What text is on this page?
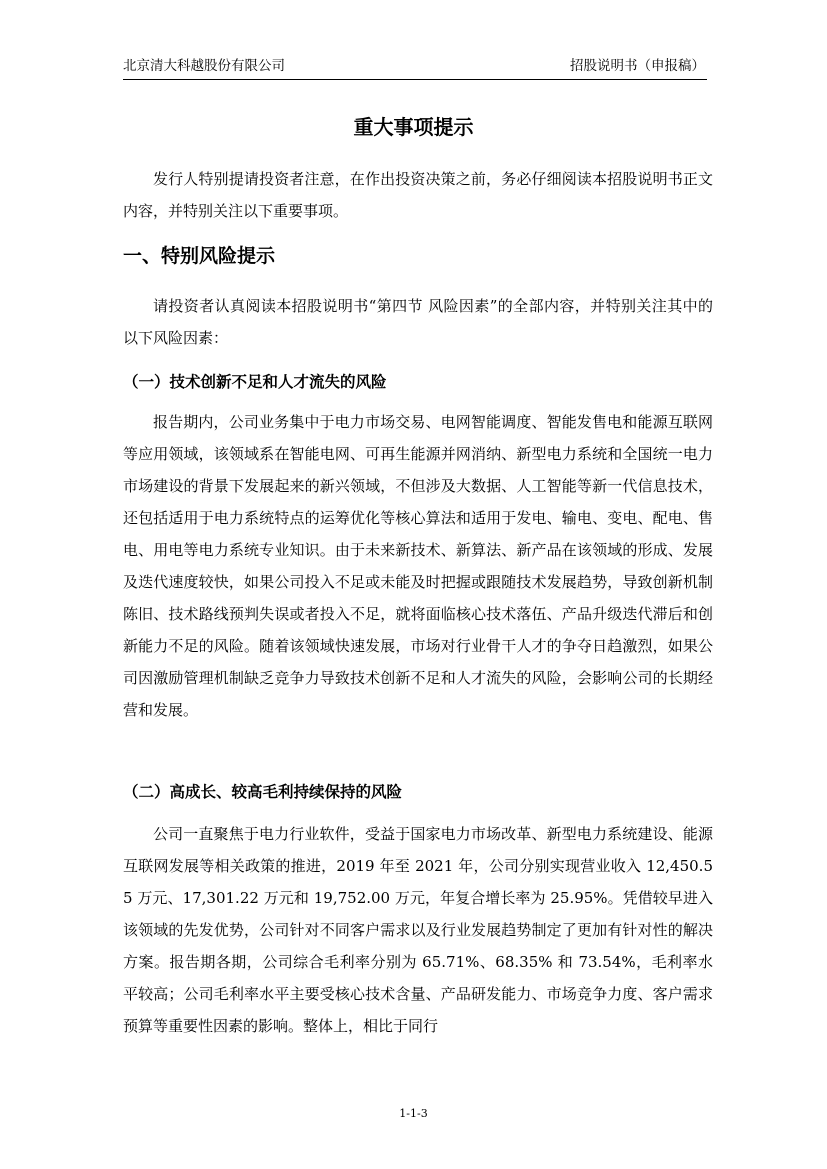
北京清大科越股份有限公司	招股说明书（申报稿）
重大事项提示

发行人特别提请投资者注意，在作出投资决策之前，务必仔细阅读本招股说明书正文内容，并特别关注以下重要事项。

一、特别风险提示

请投资者认真阅读本招股说明书“第四节 风险因素”的全部内容，并特别关注其中的以下风险因素：

（一）技术创新不足和人才流失的风险

报告期内，公司业务集中于电力市场交易、电网智能调度、智能发售电和能源互联网等应用领域，该领域系在智能电网、可再生能源并网消纳、新型电力系统和全国统一电力市场建设的背景下发展起来的新兴领域，不但涉及大数据、人工智能等新一代信息技术，还包括适用于电力系统特点的运筹优化等核心算法和适用于发电、输电、变电、配电、售电、用电等电力系统专业知识。由于未来新技术、新算法、新产品在该领域的形成、发展及迭代速度较快，如果公司投入不足或未能及时把握或跟随技术发展趋势，导致创新机制陈旧、技术路线预判失误或者投入不足，就将面临核心技术落伍、产品升级迭代滞后和创新能力不足的风险。随着该领域快速发展，市场对行业骨干人才的争夺日趋激烈，如果公司因激励管理机制缺乏竞争力导致技术创新不足和人才流失的风险，会影响公司的长期经营和发展。

（二）高成长、较高毛利持续保持的风险

公司一直聚焦于电力行业软件，受益于国家电力市场改革、新型电力系统建设、能源互联网发展等相关政策的推进，2019 年至 2021 年，公司分别实现营业收入 12,450.55 万元、17,301.22 万元和 19,752.00 万元，年复合增长率为 25.95%。凭借较早进入该领域的先发优势，公司针对不同客户需求以及行业发展趋势制定了更加有针对性的解决方案。报告期各期，公司综合毛利率分别为 65.71%、68.35% 和 73.54%，毛利率水平较高；公司毛利率水平主要受核心技术含量、产品研发能力、市场竞争力度、客户需求预算等重要性因素的影响。整体上，相比于同行

1-1-3
